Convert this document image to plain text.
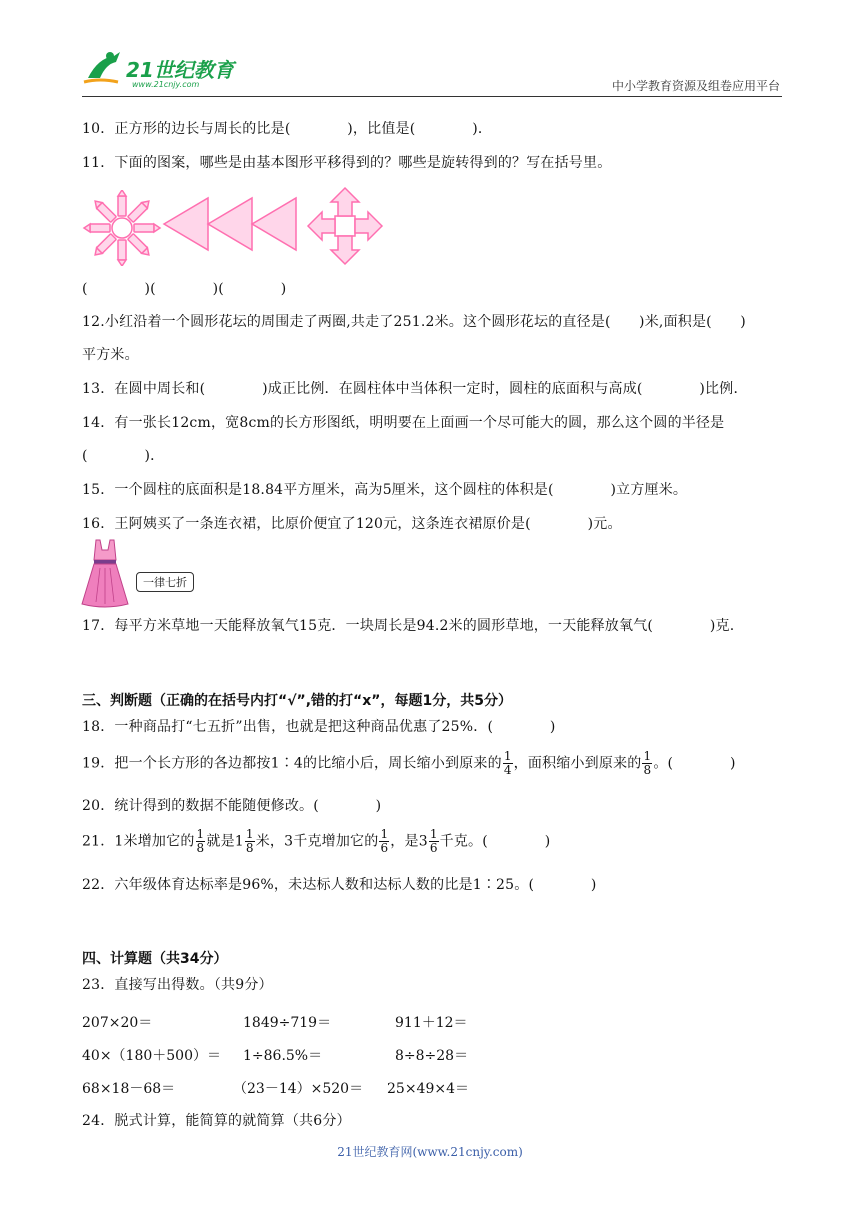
21世纪教育
www.21cnjy.com	中小学教育资源及组卷应用平台
10．正方形的边长与周长的比是(　　　　)，比值是(　　　　)．
11．下面的图案，哪些是由基本图形平移得到的？哪些是旋转得到的？写在括号里。
(　　　　)(　　　　)(　　　　)
12.小红沿着一个圆形花坛的周围走了两圈,共走了251.2米。这个圆形花坛的直径是(　　)米,面积是(　　)
平方米。
13．在圆中周长和(　　　　)成正比例．在圆柱体中当体积一定时，圆柱的底面积与高成(　　　　)比例．
14．有一张长12cm，宽8cm的长方形图纸，明明要在上面画一个尽可能大的圆，那么这个圆的半径是
(　　　　)．
15．一个圆柱的底面积是18.84平方厘米，高为5厘米，这个圆柱的体积是(　　　　)立方厘米。
16．王阿姨买了一条连衣裙，比原价便宜了120元，这条连衣裙原价是(　　　　)元。
一律七折
17．每平方米草地一天能释放氧气15克．一块周长是94.2米的圆形草地，一天能释放氧气(　　　　)克.
三、判断题（正确的在括号内打“√”,错的打“x”，每题1分，共5分）
18．一种商品打“七五折”出售，也就是把这种商品优惠了25%．(　　　　)
19．把一个长方形的各边都按1∶4的比缩小后，周长缩小到原来的 $\frac{1}{4}$ ，面积缩小到原来的 $\frac{1}{8}$ 。(　　　　)
20．统计得到的数据不能随便修改。(　　　　)
21．1米增加它的 $\frac{1}{8}$ 就是$1 \frac{1}{8}$ 米，3千克增加它的 $\frac{1}{6}$ ，是$3 \frac{1}{6}$ 千克。(　　　　)
22．六年级体育达标率是96%，未达标人数和达标人数的比是1∶25。(　　　　)
四、计算题（共34分）
23．直接写出得数。（共9分）
207×20＝	1849÷719＝	911＋12＝
40×（180＋500）＝ 1÷86.5%＝	8÷8÷28＝
68×18－68＝	（23－14）×520＝ 25×49×4＝
24．脱式计算，能简算的就简算（共6分）
21世纪教育网(www.21cnjy.com)
